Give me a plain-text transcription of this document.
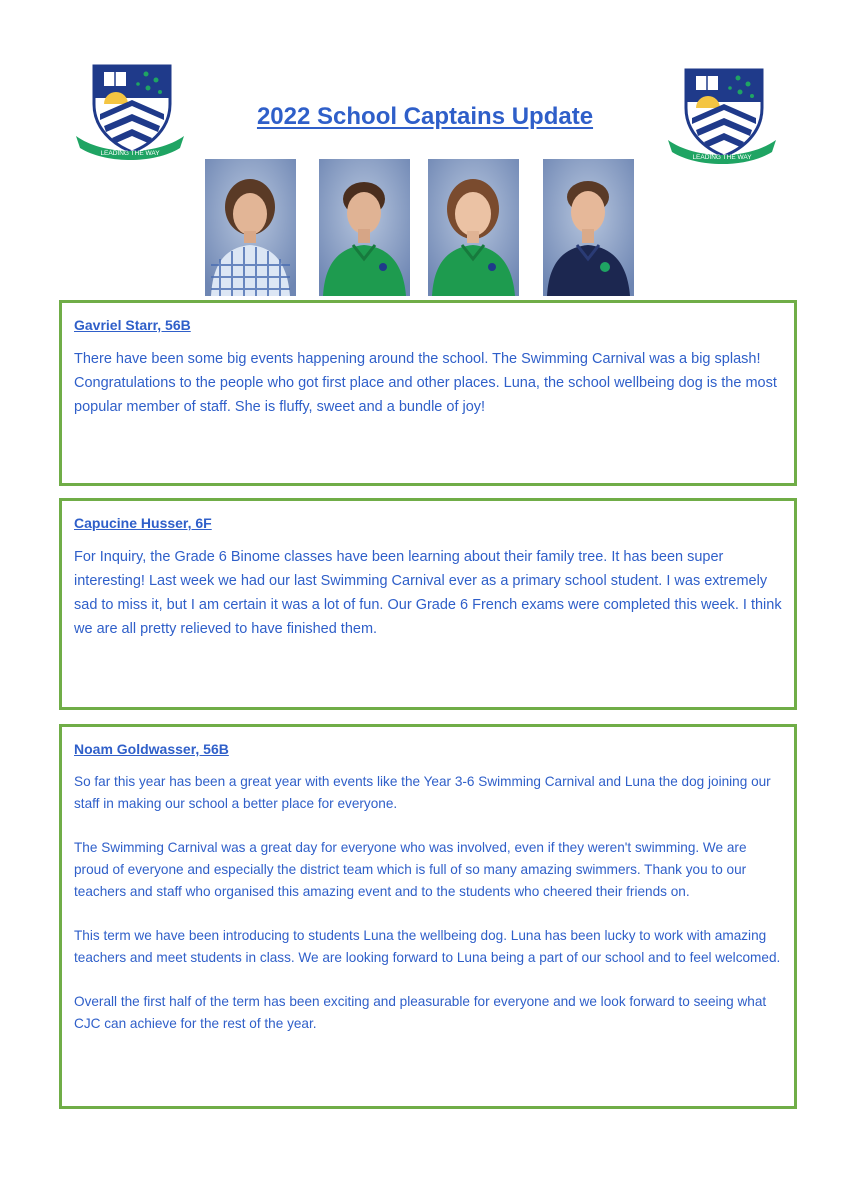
LEADING THE WAY
2022 School Captains Update
LEADING THE WAY

Gavriel Starr, 56B

There have been some big events happening around the school. The Swimming Carnival was a big splash! Congratulations to the people who got first place and other places. Luna, the school wellbeing dog is the most popular member of staff. She is fluffy, sweet and a bundle of joy!

Capucine Husser, 6F

For Inquiry, the Grade 6 Binome classes have been learning about their family tree. It has been super interesting! Last week we had our last Swimming Carnival ever as a primary school student. I was extremely sad to miss it, but I am certain it was a lot of fun. Our Grade 6 French exams were completed this week. I think we are all pretty relieved to have finished them.

Noam Goldwasser, 56B

So far this year has been a great year with events like the Year 3-6 Swimming Carnival and Luna the dog joining our staff in making our school a better place for everyone.

The Swimming Carnival was a great day for everyone who was involved, even if they weren't swimming. We are proud of everyone and especially the district team which is full of so many amazing swimmers. Thank you to our teachers and staff who organised this amazing event and to the students who cheered their friends on.

This term we have been introducing to students Luna the wellbeing dog. Luna has been lucky to work with amazing teachers and meet students in class. We are looking forward to Luna being a part of our school and to feel welcomed.

Overall the first half of the term has been exciting and pleasurable for everyone and we look forward to seeing what CJC can achieve for the rest of the year.
